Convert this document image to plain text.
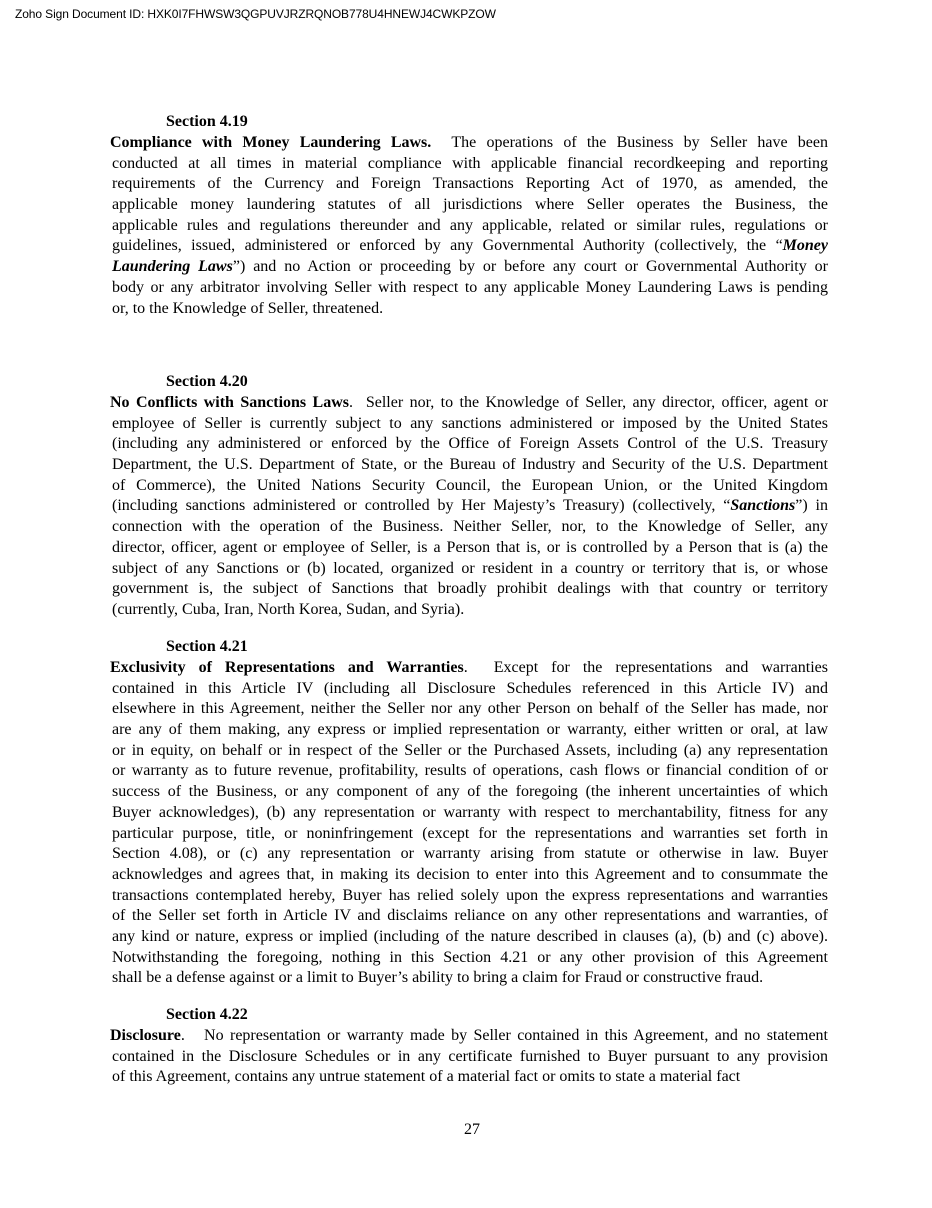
Zoho Sign Document ID: HXK0I7FHWSW3QGPUVJRZRQNOB778U4HNEWJ4CWKPZOW
Section 4.19
Compliance with Money Laundering Laws.  The operations of the Business by Seller have been
conducted at all times in material compliance with applicable financial recordkeeping and reporting
requirements of the Currency and Foreign Transactions Reporting Act of 1970, as amended, the
applicable money laundering statutes of all jurisdictions where Seller operates the Business, the
applicable rules and regulations thereunder and any applicable, related or similar rules, regulations or
guidelines, issued, administered or enforced by any Governmental Authority (collectively, the “Money
Laundering Laws”) and no Action or proceeding by or before any court or Governmental Authority or
body or any arbitrator involving Seller with respect to any applicable Money Laundering Laws is pending
or, to the Knowledge of Seller, threatened.
Section 4.20
No Conflicts with Sanctions Laws.  Seller nor, to the Knowledge of Seller, any director, officer, agent or
employee of Seller is currently subject to any sanctions administered or imposed by the United States
(including any administered or enforced by the Office of Foreign Assets Control of the U.S. Treasury
Department, the U.S. Department of State, or the Bureau of Industry and Security of the U.S. Department
of Commerce), the United Nations Security Council, the European Union, or the United Kingdom
(including sanctions administered or controlled by Her Majesty’s Treasury) (collectively, “Sanctions”) in
connection with the operation of the Business. Neither Seller, nor, to the Knowledge of Seller, any
director, officer, agent or employee of Seller, is a Person that is, or is controlled by a Person that is (a) the
subject of any Sanctions or (b) located, organized or resident in a country or territory that is, or whose
government is, the subject of Sanctions that broadly prohibit dealings with that country or territory
(currently, Cuba, Iran, North Korea, Sudan, and Syria).
Section 4.21
Exclusivity of Representations and Warranties.  Except for the representations and warranties
contained in this Article IV (including all Disclosure Schedules referenced in this Article IV) and
elsewhere in this Agreement, neither the Seller nor any other Person on behalf of the Seller has made, nor
are any of them making, any express or implied representation or warranty, either written or oral, at law
or in equity, on behalf or in respect of the Seller or the Purchased Assets, including (a) any representation
or warranty as to future revenue, profitability, results of operations, cash flows or financial condition of or
success of the Business, or any component of any of the foregoing (the inherent uncertainties of which
Buyer acknowledges), (b) any representation or warranty with respect to merchantability, fitness for any
particular purpose, title, or noninfringement (except for the representations and warranties set forth in
Section 4.08), or (c) any representation or warranty arising from statute or otherwise in law. Buyer
acknowledges and agrees that, in making its decision to enter into this Agreement and to consummate the
transactions contemplated hereby, Buyer has relied solely upon the express representations and warranties
of the Seller set forth in Article IV and disclaims reliance on any other representations and warranties, of
any kind or nature, express or implied (including of the nature described in clauses (a), (b) and (c) above).
Notwithstanding the foregoing, nothing in this Section 4.21 or any other provision of this Agreement
shall be a defense against or a limit to Buyer’s ability to bring a claim for Fraud or constructive fraud.
Section 4.22
Disclosure.   No representation or warranty made by Seller contained in this Agreement, and no statement
contained in the Disclosure Schedules or in any certificate furnished to Buyer pursuant to any provision
of this Agreement, contains any untrue statement of a material fact or omits to state a material fact
27
